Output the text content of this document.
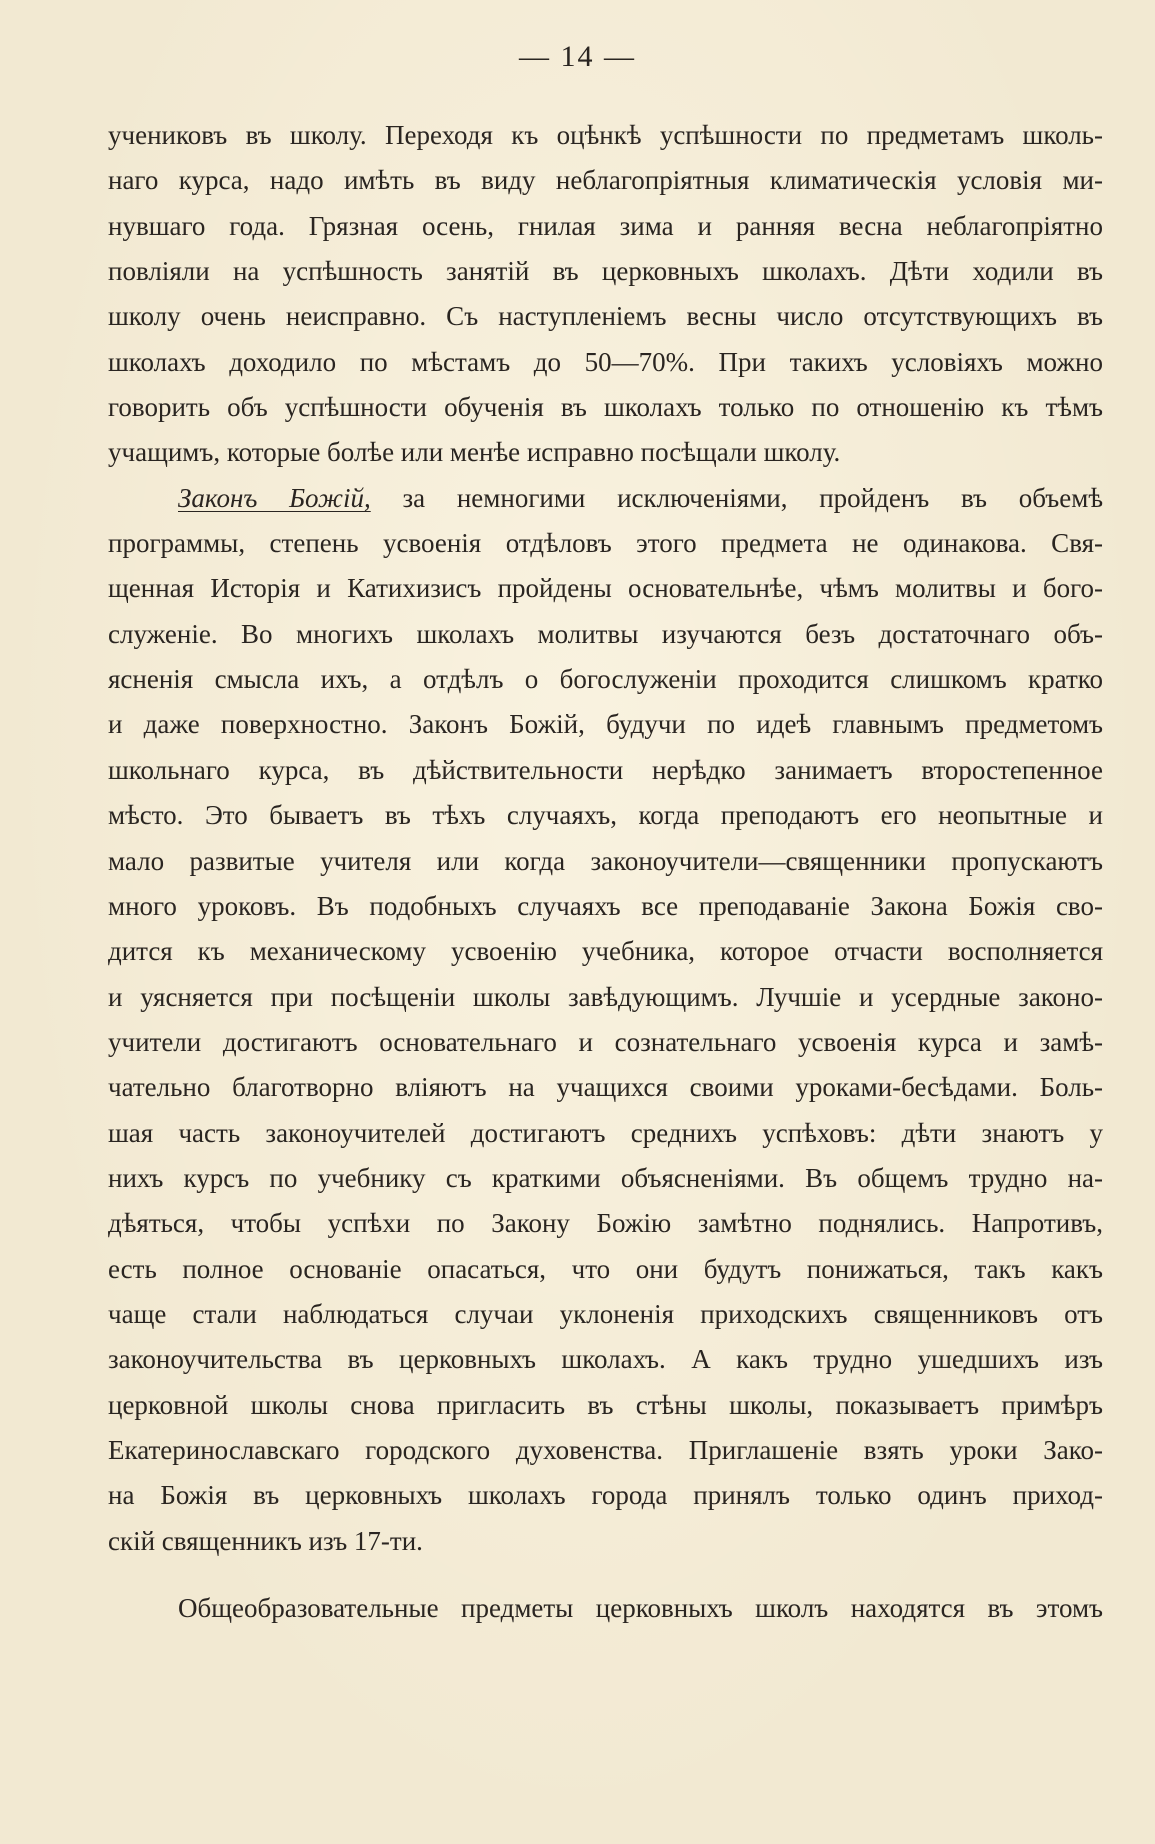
— 14 —
учениковъ въ школу. Переходя къ оцѣнкѣ успѣшности по предметамъ школь-
наго курса, надо имѣть въ виду неблагопріятныя климатическія условія ми-
нувшаго года. Грязная осень, гнилая зима и ранняя весна неблагопріятно
повліяли на успѣшность занятій въ церковныхъ школахъ. Дѣти ходили въ
школу очень неисправно. Съ наступленіемъ весны число отсутствующихъ въ
школахъ доходило по мѣстамъ до 50—70%. При такихъ условіяхъ можно
говорить объ успѣшности обученія въ школахъ только по отношенію къ тѣмъ
учащимъ, которые болѣе или менѣе исправно посѣщали школу.
Законъ Божій, за немногими исключеніями, пройденъ въ объемѣ
программы, степень усвоенія отдѣловъ этого предмета не одинакова. Свя-
щенная Исторія и Катихизисъ пройдены основательнѣе, чѣмъ молитвы и бого-
служеніе. Во многихъ школахъ молитвы изучаются безъ достаточнаго объ-
ясненія смысла ихъ, а отдѣлъ о богослуженіи проходится слишкомъ кратко
и даже поверхностно. Законъ Божій, будучи по идеѣ главнымъ предметомъ
школьнаго курса, въ дѣйствительности нерѣдко занимаетъ второстепенное
мѣсто. Это бываетъ въ тѣхъ случаяхъ, когда преподаютъ его неопытные и
мало развитые учителя или когда законоучители—священники пропускаютъ
много уроковъ. Въ подобныхъ случаяхъ все преподаваніе Закона Божія сво-
дится къ механическому усвоенію учебника, которое отчасти восполняется
и уясняется при посѣщеніи школы завѣдующимъ. Лучшіе и усердные законо-
учители достигаютъ основательнаго и сознательнаго усвоенія курса и замѣ-
чательно благотворно вліяютъ на учащихся своими уроками-бесѣдами. Боль-
шая часть законоучителей достигаютъ среднихъ успѣховъ: дѣти знаютъ у
нихъ курсъ по учебнику съ краткими объясненіями. Въ общемъ трудно на-
дѣяться, чтобы успѣхи по Закону Божію замѣтно поднялись. Напротивъ,
есть полное основаніе опасаться, что они будутъ понижаться, такъ какъ
чаще стали наблюдаться случаи уклоненія приходскихъ священниковъ отъ
законоучительства въ церковныхъ школахъ. А какъ трудно ушедшихъ изъ
церковной школы снова пригласить въ стѣны школы, показываетъ примѣръ
Екатеринославскаго городского духовенства. Приглашеніе взять уроки Зако-
на Божія въ церковныхъ школахъ города принялъ только одинъ приход-
скій священникъ изъ 17-ти.
Общеобразовательные предметы церковныхъ школъ находятся въ этомъ
